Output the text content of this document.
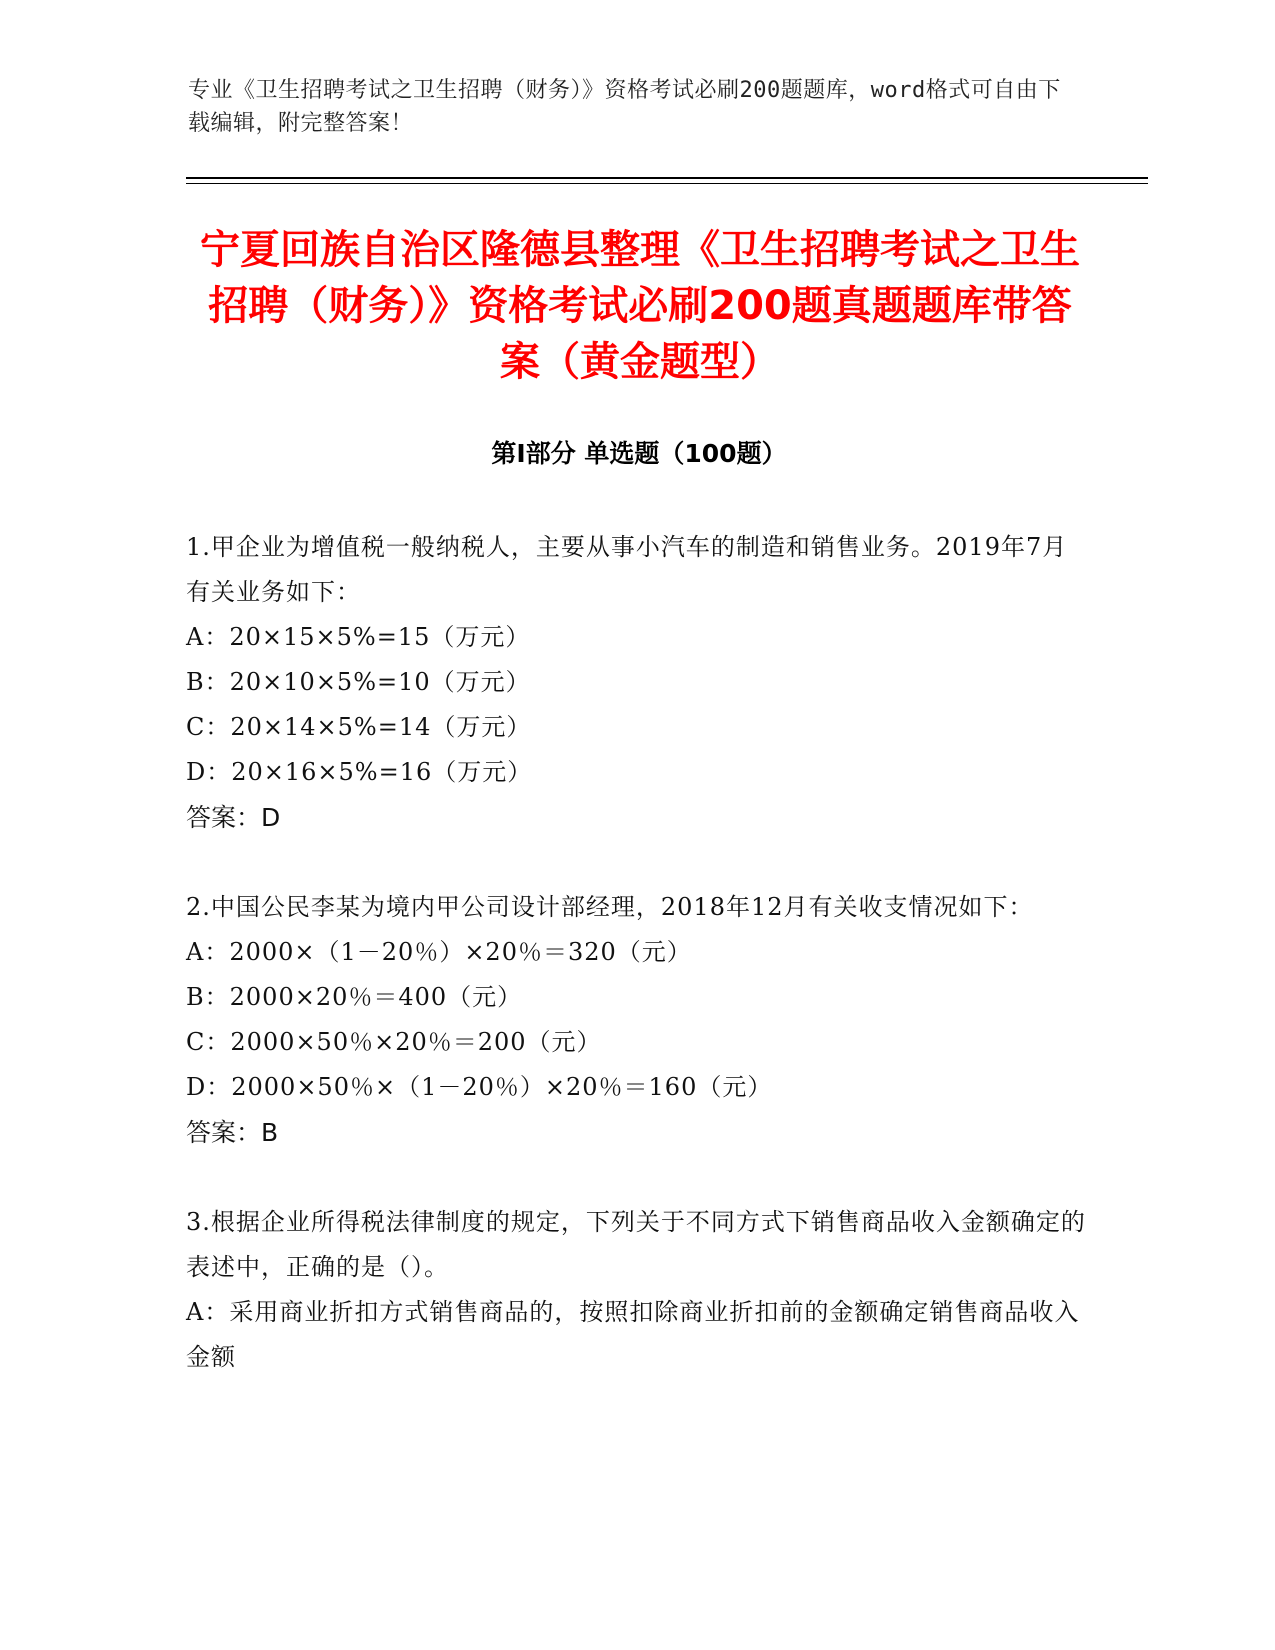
专业《卫生招聘考试之卫生招聘（财务）》资格考试必刷200题题库，word格式可自由下载编辑，附完整答案！
宁夏回族自治区隆德县整理《卫生招聘考试之卫生招聘（财务）》资格考试必刷200题真题题库带答案（黄金题型）
第Ⅰ部分 单选题（100题）

1.甲企业为增值税一般纳税人，主要从事小汽车的制造和销售业务。2019年7月有关业务如下：

A：20×15×5%=15（万元）

B：20×10×5%=10（万元）

C：20×14×5%=14（万元）

D：20×16×5%=16（万元）

答案：D

2.中国公民李某为境内甲公司设计部经理，2018年12月有关收支情况如下：

A：2000×（1－20％）×20％＝320（元）

B：2000×20％＝400（元）

C：2000×50％×20％＝200（元）

D：2000×50％×（1－20％）×20％＝160（元）

答案：B

3.根据企业所得税法律制度的规定，下列关于不同方式下销售商品收入金额确定的表述中，正确的是（）。

A：采用商业折扣方式销售商品的，按照扣除商业折扣前的金额确定销售商品收入金额
